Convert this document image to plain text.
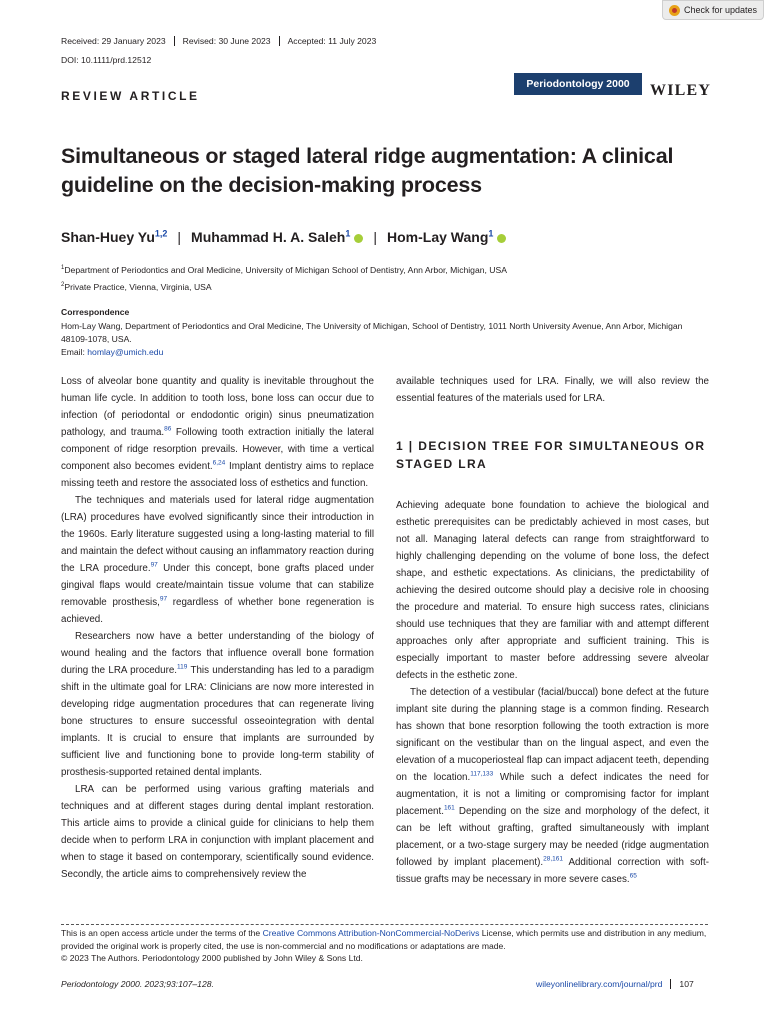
Check for updates
Received: 29 January 2023	Revised: 30 June 2023	Accepted: 11 July 2023
DOI: 10.1111/prd.12512
Periodontology 2000	WILEY
REVIEW ARTICLE
Simultaneous or staged lateral ridge augmentation: A clinical guideline on the decision-making process
Shan-Huey Yu$^{1,2}$ | Muhammad H. A. Saleh$^1$ | Hom-Lay Wang$^1$
$^1$Department of Periodontics and Oral Medicine, University of Michigan School of Dentistry, Ann Arbor, Michigan, USA
$^2$Private Practice, Vienna, Virginia, USA
Correspondence
Hom-Lay Wang, Department of Periodontics and Oral Medicine, The University of Michigan, School of Dentistry, 1011 North University Avenue, Ann Arbor, Michigan 48109-1078, USA.
Email: homlay@umich.edu

Loss of alveolar bone quantity and quality is inevitable throughout the human life cycle. In addition to tooth loss, bone loss can occur due to infection (of periodontal or endodontic origin) sinus pneumatization pathology, and trauma.$^{86}$ Following tooth extraction initially the lateral component of ridge resorption prevails. However, with time a vertical component also becomes evident.$^{6,24}$ Implant dentistry aims to replace missing teeth and restore the associated loss of esthetics and function.

The techniques and materials used for lateral ridge augmentation (LRA) procedures have evolved significantly since their introduction in the 1960s. Early literature suggested using a long-lasting material to fill and maintain the defect without causing an inflammatory reaction during the LRA procedure.$^{97}$ Under this concept, bone grafts placed under gingival flaps would create/maintain tissue volume that can stabilize removable prosthesis,$^{97}$ regardless of whether bone regeneration is achieved.

Researchers now have a better understanding of the biology of wound healing and the factors that influence overall bone formation during the LRA procedure.$^{119}$ This understanding has led to a paradigm shift in the ultimate goal for LRA: Clinicians are now more interested in developing ridge augmentation procedures that can regenerate living bone structures to ensure successful osseointegration with dental implants. It is crucial to ensure that implants are surrounded by sufficient live and functioning bone to provide long-term stability of prosthesis-supported retained dental implants.

LRA can be performed using various grafting materials and techniques and at different stages during dental implant restoration. This article aims to provide a clinical guide for clinicians to help them decide when to perform LRA in conjunction with implant placement and when to stage it based on contemporary, scientifically sound evidence. Secondly, the article aims to comprehensively review the

available techniques used for LRA. Finally, we will also review the essential features of the materials used for LRA.

1 | DECISION TREE FOR SIMULTANEOUS OR STAGED LRA

Achieving adequate bone foundation to achieve the biological and esthetic prerequisites can be predictably achieved in most cases, but not all. Managing lateral defects can range from straightforward to highly challenging depending on the volume of bone loss, the defect shape, and esthetic expectations. As clinicians, the predictability of achieving the desired outcome should play a decisive role in choosing the procedure and material. To ensure high success rates, clinicians should use techniques that they are familiar with and attempt different approaches only after appropriate and sufficient training. This is especially important to master before addressing severe alveolar defects in the esthetic zone.

The detection of a vestibular (facial/buccal) bone defect at the future implant site during the planning stage is a common finding. Research has shown that bone resorption following the tooth extraction is more significant on the vestibular than on the lingual aspect, and even the elevation of a mucoperiosteal flap can impact adjacent teeth, depending on the location.$^{117,133}$ While such a defect indicates the need for augmentation, it is not a limiting or compromising factor for implant placement.$^{161}$ Depending on the size and morphology of the defect, it can be left without grafting, grafted simultaneously with implant placement, or a two-stage surgery may be needed (ridge augmentation followed by implant placement).$^{28,161}$ Additional correction with soft-tissue grafts may be necessary in more severe cases.$^{65}$

This is an open access article under the terms of the Creative Commons Attribution-NonCommercial-NoDerivs License, which permits use and distribution in any medium, provided the original work is properly cited, the use is non-commercial and no modifications or adaptations are made.
© 2023 The Authors. Periodontology 2000 published by John Wiley & Sons Ltd.
Periodontology 2000. 2023;93:107–128.	wileyonlinelibrary.com/journal/prd	107
